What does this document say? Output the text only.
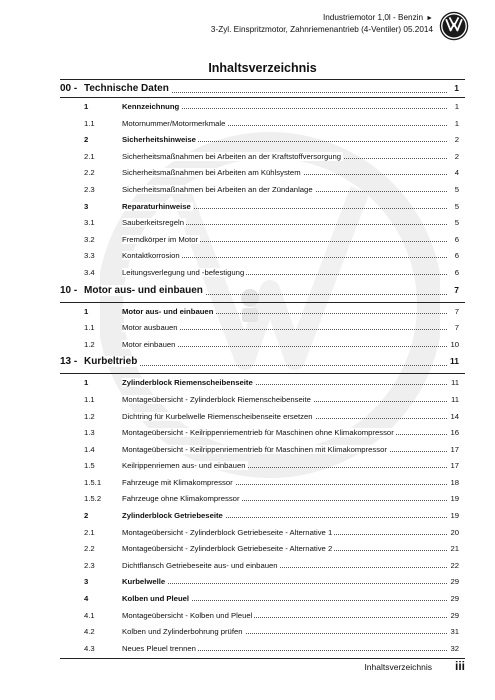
Industriemotor 1,0l - Benzin ►
3-Zyl. Einspritzmotor, Zahnriemenantrieb (4-Ventiler) 05.2014
Inhaltsverzeichnis
00 - Technische Daten	1
1	Kennzeichnung	1
1.1	Motornummer/Motormerkmale	1
2	Sicherheitshinweise	2
2.1	Sicherheitsmaßnahmen bei Arbeiten an der Kraftstoffversorgung	2
2.2	Sicherheitsmaßnahmen bei Arbeiten am Kühlsystem	4
2.3	Sicherheitsmaßnahmen bei Arbeiten an der Zündanlage	5
3	Reparaturhinweise	5
3.1	Sauberkeitsregeln	5
3.2	Fremdkörper im Motor	6
3.3	Kontaktkorrosion	6
3.4	Leitungsverlegung und -befestigung	6
10 - Motor aus- und einbauen	7
1	Motor aus- und einbauen	7
1.1	Motor ausbauen	7
1.2	Motor einbauen	10
13 - Kurbeltrieb	11
1	Zylinderblock Riemenscheibenseite	11
1.1	Montageübersicht - Zylinderblock Riemenscheibenseite	11
1.2	Dichtring für Kurbelwelle Riemenscheibenseite ersetzen	14
1.3	Montageübersicht - Keilrippenriementrieb für Maschinen ohne Klimakompressor	16
1.4	Montageübersicht - Keilrippenriementrieb für Maschinen mit Klimakompressor	17
1.5	Keilrippenriemen aus- und einbauen	17
1.5.1	Fahrzeuge mit Klimakompressor	18
1.5.2	Fahrzeuge ohne Klimakompressor	19
2	Zylinderblock Getriebeseite	19
2.1	Montageübersicht - Zylinderblock Getriebeseite - Alternative 1	20
2.2	Montageübersicht - Zylinderblock Getriebeseite - Alternative 2	21
2.3	Dichtflansch Getriebeseite aus- und einbauen	22
3	Kurbelwelle	29
4	Kolben und Pleuel	29
4.1	Montageübersicht - Kolben und Pleuel	29
4.2	Kolben und Zylinderbohrung prüfen	31
4.3	Neues Pleuel trennen	32
Inhaltsverzeichnis iii
